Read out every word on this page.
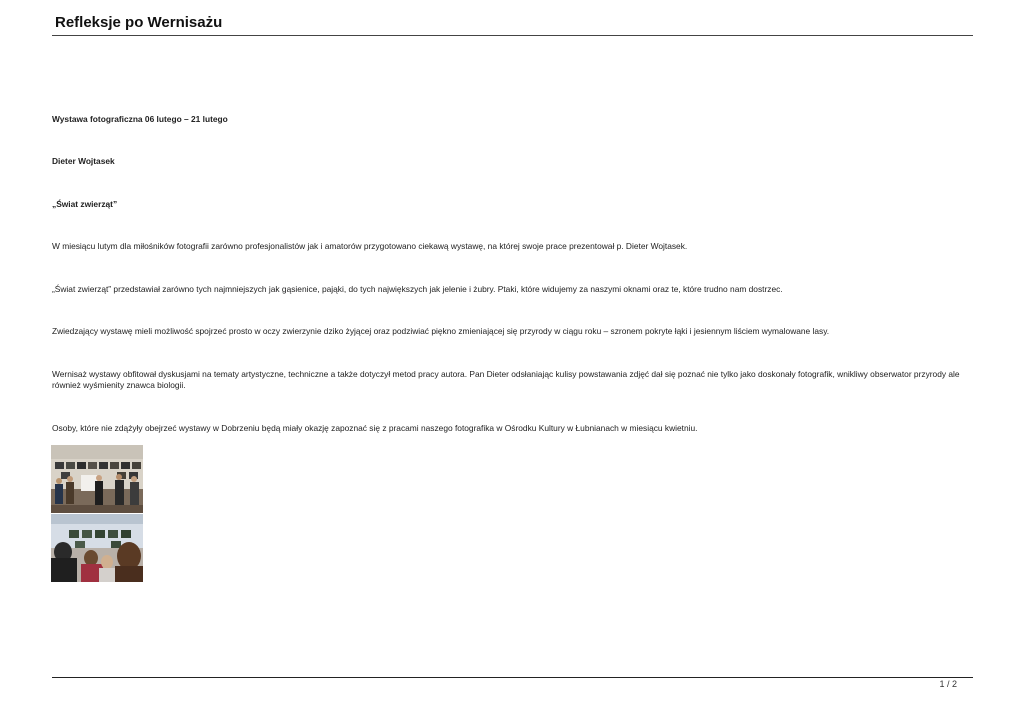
Refleksje po Wernisażu

Wystawa fotograficzna 06 lutego – 21 lutego

Dieter Wojtasek

„Świat zwierząt”

W miesiącu lutym dla miłośników fotografii zarówno profesjonalistów jak i amatorów przygotowano ciekawą wystawę, na której swoje prace prezentował p. Dieter Wojtasek.

„Świat zwierząt” przedstawiał zarówno tych najmniejszych jak gąsienice, pająki, do tych największych jak jelenie i żubry. Ptaki, które widujemy za naszymi oknami oraz te, które trudno nam dostrzec.

Zwiedzający wystawę mieli możliwość spojrzeć prosto w oczy zwierzynie dziko żyjącej oraz podziwiać piękno zmieniającej się przyrody w ciągu roku – szronem pokryte łąki i jesiennym liściem wymalowane lasy.

Wernisaż wystawy obfitował dyskusjami na tematy artystyczne, techniczne a także dotyczył metod pracy autora. Pan Dieter odsłaniając kulisy powstawania zdjęć dał się poznać nie tylko jako doskonały fotografik, wnikliwy obserwator przyrody ale również wyśmienity znawca biologii.

Osoby, które nie zdążyły obejrzeć wystawy w Dobrzeniu będą miały okazję zapoznać się z pracami naszego fotografika w Ośrodku Kultury w Łubnianach w miesiącu kwietniu.

1 / 2
